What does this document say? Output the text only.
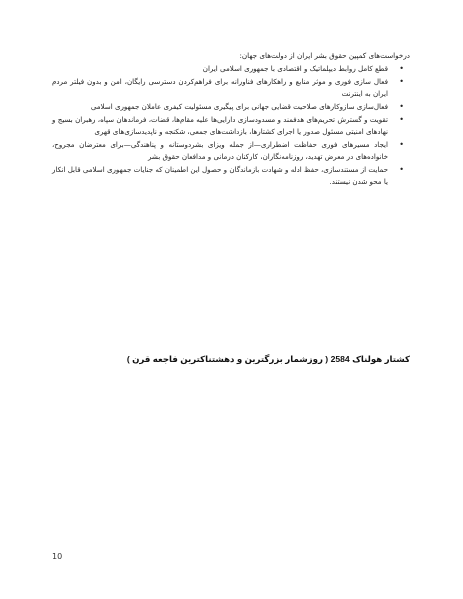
درخواست‌های کمپین حقوق بشر ایران از دولت‌های جهان:

•
قطع کامل روابط دیپلماتیک و اقتصادی با جمهوری اسلامی ایران
•
فعال سازی فوری و موثر منابع و راهکارهای فناورانه برای فراهم‌کردن دسترسی رایگان، امن و بدون فیلتر مردم ایران به اینترنت
•
فعال‌سازی سازوکارهای صلاحیت قضایی جهانی برای پیگیری مسئولیت کیفری عاملان جمهوری اسلامی
•
تقویت و گسترش تحریم‌های هدفمند و مسدودسازی دارایی‌ها علیه مقام‌ها، قضات، فرماندهان سپاه، رهبران بسیج و نهادهای امنیتی مسئول صدور یا اجرای کشتارها، بازداشت‌های جمعی، شکنجه و ناپدیدسازی‌های قهری
•
ایجاد مسیرهای فوری حفاظت اضطراری—از جمله ویزای بشردوستانه و پناهندگی—برای معترضان مجروح، خانواده‌های در معرض تهدید، روزنامه‌نگاران، کارکنان درمانی و مدافعان حقوق بشر
•
حمایت از مستندسازی، حفظ ادله و شهادت بازماندگان و حصول این اطمینان که جنایات جمهوری اسلامی قابل انکار یا محو شدن نیستند.
کشتار هولناک 2584 ( روزشمار بزرگترین و دهشتناکترین فاجعه قرن )
10
